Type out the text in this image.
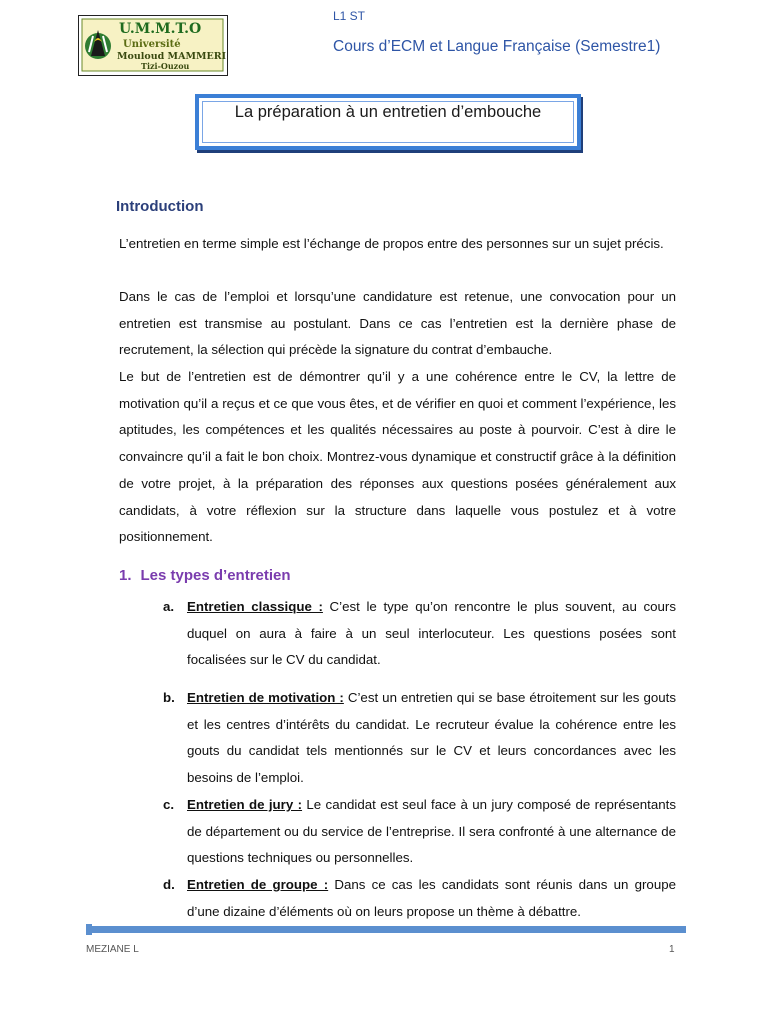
U.M.M.T.O
Université
Mouloud MAMMERI
Tizi-Ouzou
L1 ST
Cours d’ECM et Langue Française (Semestre1)
La préparation à un entretien d’embouche
Introduction

L’entretien en terme simple est l’échange de propos entre des personnes sur un sujet précis.

Dans le cas de l’emploi et lorsqu’une candidature est retenue, une convocation pour un entretien est transmise au postulant. Dans ce cas l’entretien est la dernière phase de recrutement, la sélection qui précède la signature du contrat d’embauche.

Le but de l’entretien est de démontrer qu’il y a une cohérence entre le CV, la lettre de motivation qu’il a reçus et ce que vous êtes, et de vérifier en quoi et comment l’expérience, les aptitudes, les compétences et les qualités nécessaires au poste à pourvoir. C’est à dire le convaincre qu’il a fait le bon choix. Montrez-vous dynamique et constructif grâce à la définition de votre projet, à la préparation des réponses aux questions posées généralement aux candidats, à votre réflexion sur la structure dans laquelle vous postulez et à votre positionnement.

1. Les types d’entretien
a. Entretien classique : C’est le type qu’on rencontre le plus souvent, au cours duquel on aura à faire à un seul interlocuteur. Les questions posées sont focalisées sur le CV du candidat.
b. Entretien de motivation : C’est un entretien qui se base étroitement sur les gouts et les centres d’intérêts du candidat. Le recruteur évalue la cohérence entre les gouts du candidat tels mentionnés sur le CV et leurs concordances avec les besoins de l’emploi.
c. Entretien de jury : Le candidat est seul face à un jury composé de représentants de département ou du service de l’entreprise. Il sera confronté à une alternance de questions techniques ou personnelles.
d. Entretien de groupe : Dans ce cas les candidats sont réunis dans un groupe d’une dizaine d’éléments où on leurs propose un thème à débattre.
MEZIANE L	1
